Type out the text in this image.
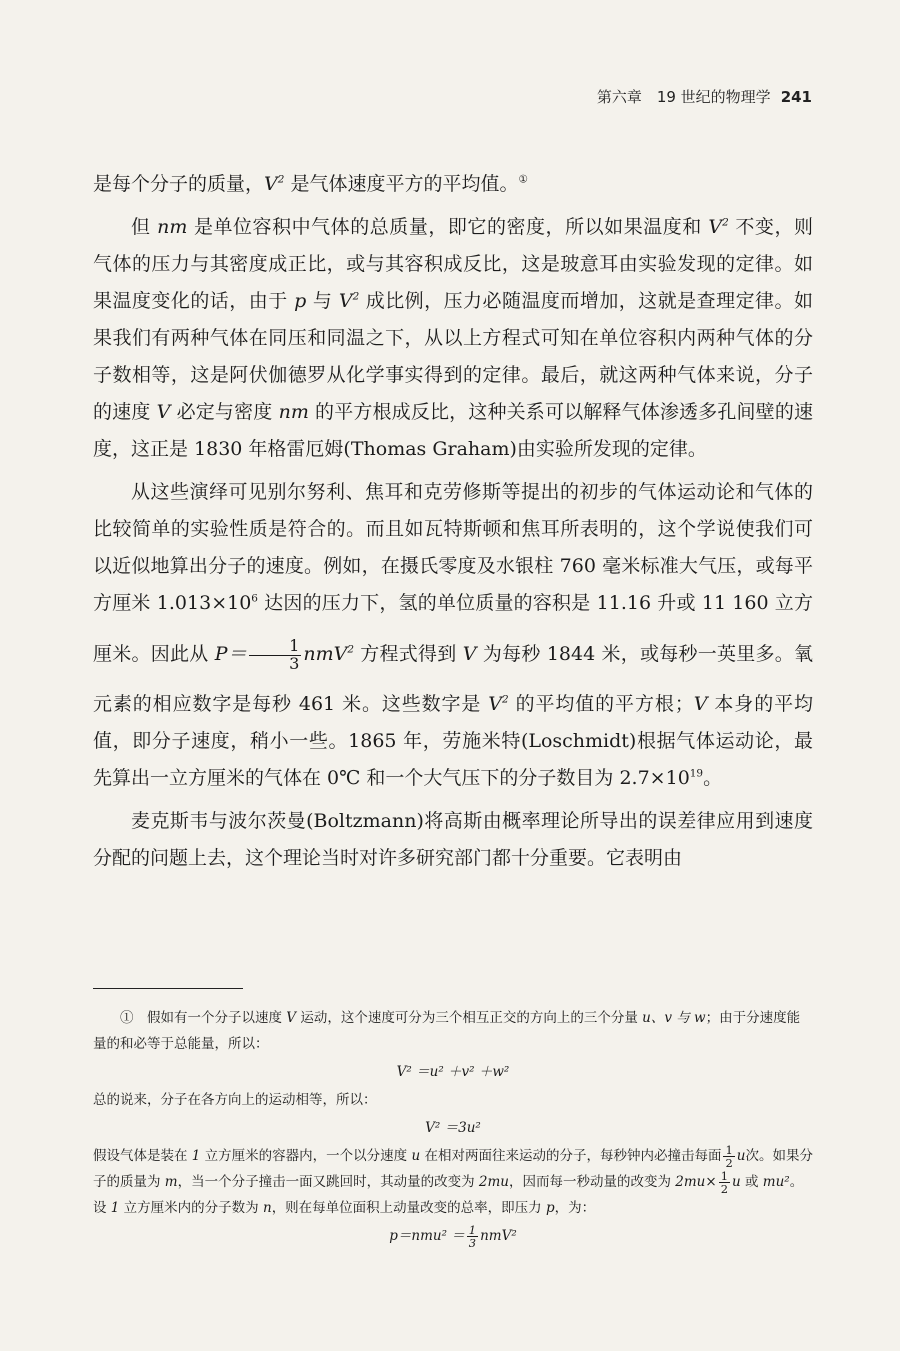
第六章　19 世纪的物理学 241

是每个分子的质量，$V^2$ 是气体速度平方的平均值。①

但 nm 是单位容积中气体的总质量，即它的密度，所以如果温度和 $V^2$ 不变，则气体的压力与其密度成正比，或与其容积成反比，这是玻意耳由实验发现的定律。如果温度变化的话，由于 p 与 $V^2$ 成比例，压力必随温度而增加，这就是查理定律。如果我们有两种气体在同压和同温之下，从以上方程式可知在单位容积内两种气体的分子数相等，这是阿伏伽德罗从化学事实得到的定律。最后，就这两种气体来说，分子的速度 V 必定与密度 nm 的平方根成反比，这种关系可以解释气体渗透多孔间壁的速度，这正是 1830 年格雷厄姆(Thomas Graham)由实验所发现的定律。

从这些演绎可见别尔努利、焦耳和克劳修斯等提出的初步的气体运动论和气体的比较简单的实验性质是符合的。而且如瓦特斯顿和焦耳所表明的，这个学说使我们可以近似地算出分子的速度。例如，在摄氏零度及水银柱 760 毫米标准大气压，或每平方厘米 $1.013\times 10^6$ 达因的压力下，氢的单位质量的容积是 11.16 升或 11 160 立方厘米。因此从 $P= \frac{1}{3} nmV^2$ 方程式得到 V 为每秒 1844 米，或每秒一英里多。氧元素的相应数字是每秒 461 米。这些数字是 $V^2$ 的平均值的平方根；V 本身的平均值，即分子速度，稍小一些。1865 年，劳施米特(Loschmidt)根据气体运动论，最先算出一立方厘米的气体在 0℃ 和一个大气压下的分子数目为 $2.7\times 10^{19}$。

麦克斯韦与波尔茨曼(Boltzmann)将高斯由概率理论所导出的误差律应用到速度分配的问题上去，这个理论当时对许多研究部门都十分重要。它表明由

①　假如有一个分子以速度 V 运动，这个速度可分为三个相互正交的方向上的三个分量 u、v 与 w；由于分速度能量的和必等于总能量，所以：

V² ＝u² ＋v² ＋w²

总的说来，分子在各方向上的运动相等，所以：

V² ＝3u²

假设气体是装在 1 立方厘米的容器内，一个以分速度 u 在相对两面往来运动的分子，每秒钟内必撞击每面 $\frac{1}{2}$ u次。如果分子的质量为 m，当一个分子撞击一面又跳回时，其动量的改变为 2mu，因而每一秒动量的改变为 $2mu\times \frac{1}{2}$ u 或 mu²。设 1 立方厘米内的分子数为 n，则在每单位面积上动量改变的总率，即压力 p，为：

$p=nmu^2 = \frac{1}{3} nmV^2$
